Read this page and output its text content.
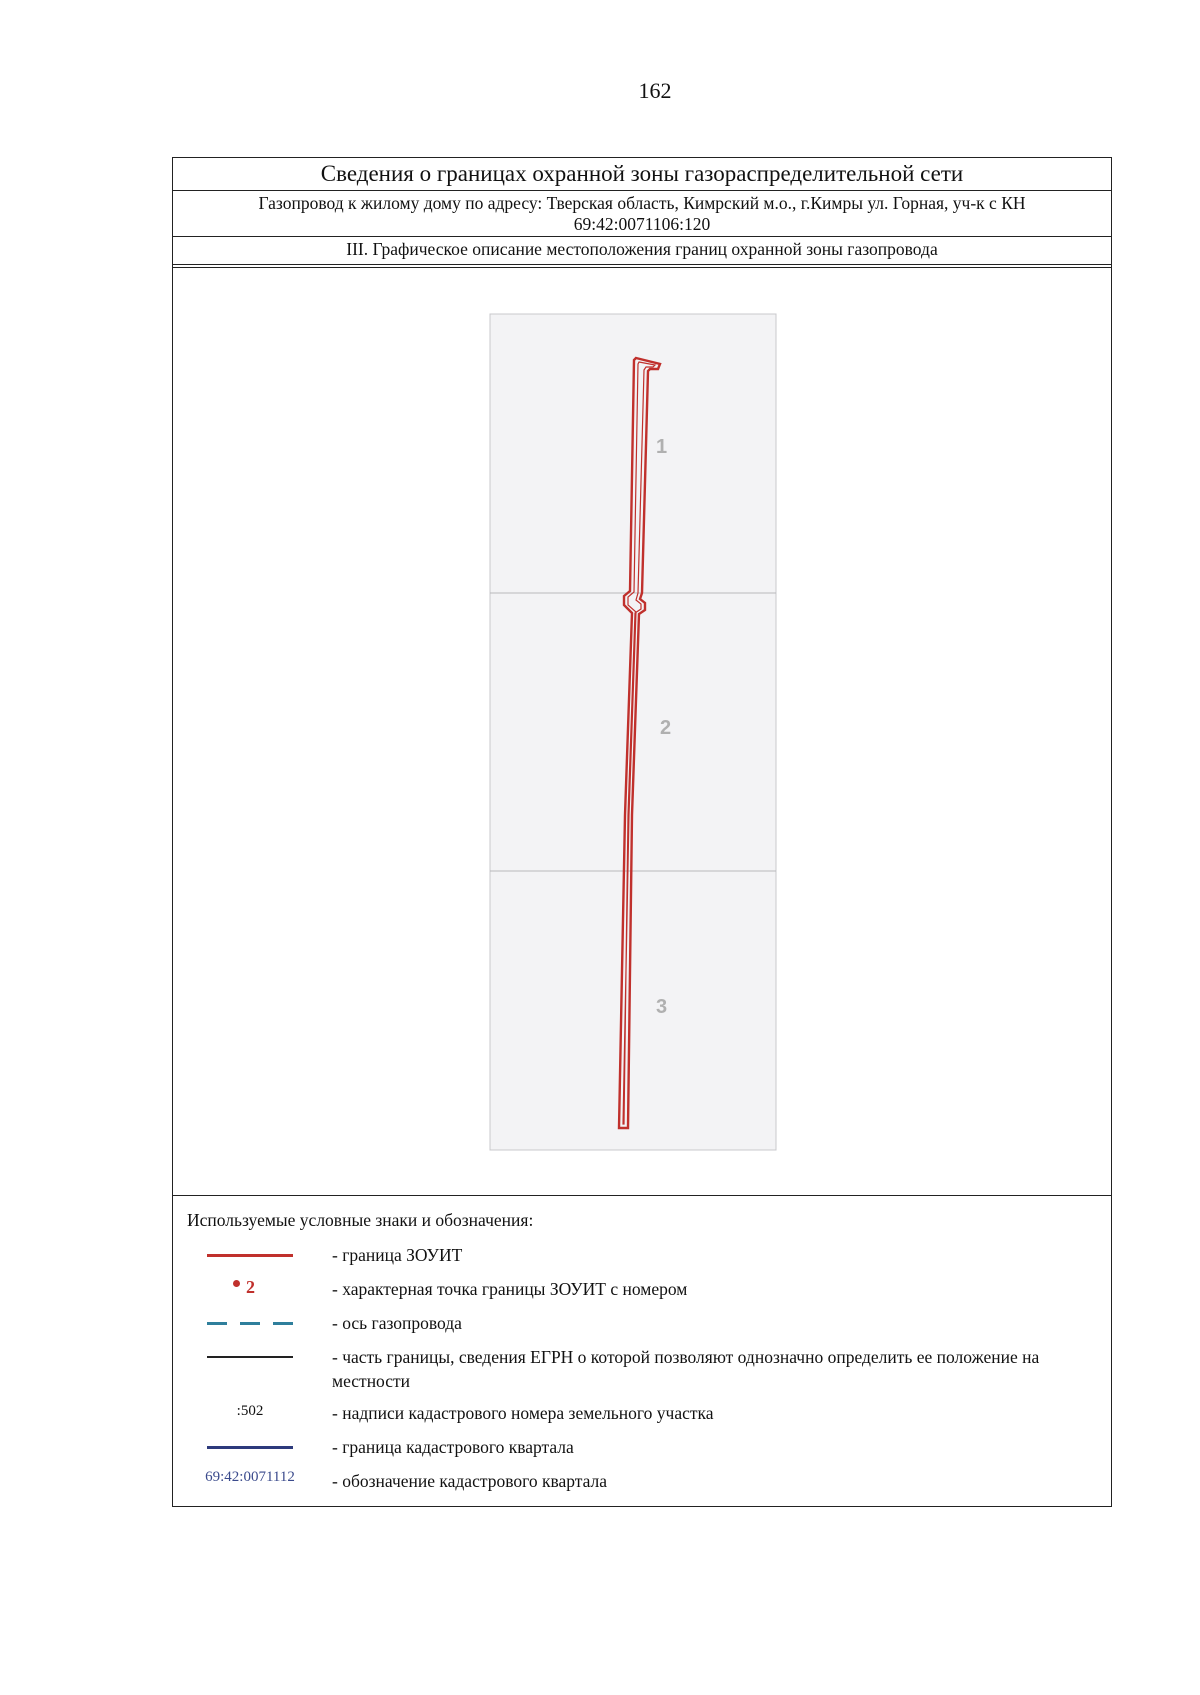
162
Сведения о границах охранной зоны газораспределительной сети
Газопровод к жилому дому по адресу: Тверская область, Кимрский м.о., г.Кимры ул. Горная, уч-к с КН
69:42:0071106:120
III. Графическое описание местоположения границ охранной зоны газопровода
1
2
3
Используемые условные знаки и обозначения:
- граница ЗОУИТ
2	- характерная точка границы ЗОУИТ с номером
- ось газопровода
- часть границы, сведения ЕГРН о которой позволяют однозначно определить ее положение на местности
:502	- надписи кадастрового номера земельного участка
- граница кадастрового квартала
69:42:0071112	- обозначение кадастрового квартала
